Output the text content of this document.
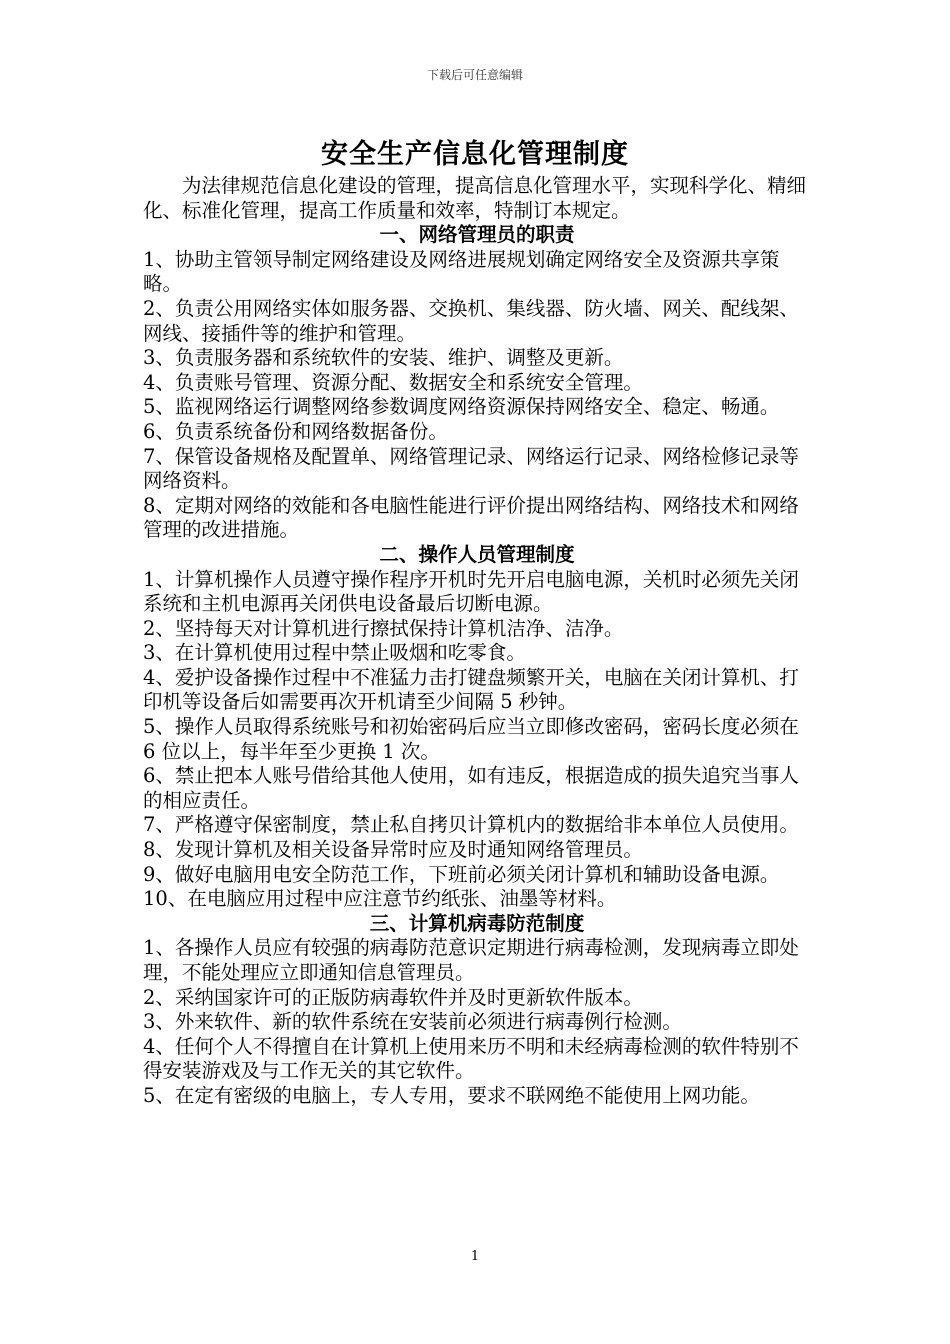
下载后可任意编辑
安全生产信息化管理制度
为法律规范信息化建设的管理，提高信息化管理水平，实现科学化、精细化、标准化管理，提高工作质量和效率，特制订本规定。
一、网络管理员的职责
1、协助主管领导制定网络建设及网络进展规划确定网络安全及资源共享策略。
2、负责公用网络实体如服务器、交换机、集线器、防火墙、网关、配线架、网线、接插件等的维护和管理。
3、负责服务器和系统软件的安装、维护、调整及更新。
4、负责账号管理、资源分配、数据安全和系统安全管理。
5、监视网络运行调整网络参数调度网络资源保持网络安全、稳定、畅通。
6、负责系统备份和网络数据备份。
7、保管设备规格及配置单、网络管理记录、网络运行记录、网络检修记录等网络资料。
8、定期对网络的效能和各电脑性能进行评价提出网络结构、网络技术和网络管理的改进措施。
二、操作人员管理制度
1、计算机操作人员遵守操作程序开机时先开启电脑电源，关机时必须先关闭系统和主机电源再关闭供电设备最后切断电源。
2、坚持每天对计算机进行擦拭保持计算机洁净、洁净。
3、在计算机使用过程中禁止吸烟和吃零食。
4、爱护设备操作过程中不准猛力击打键盘频繁开关，电脑在关闭计算机、打印机等设备后如需要再次开机请至少间隔 5 秒钟。
5、操作人员取得系统账号和初始密码后应当立即修改密码，密码长度必须在 6 位以上，每半年至少更换 1 次。
6、禁止把本人账号借给其他人使用，如有违反，根据造成的损失追究当事人的相应责任。
7、严格遵守保密制度，禁止私自拷贝计算机内的数据给非本单位人员使用。
8、发现计算机及相关设备异常时应及时通知网络管理员。
9、做好电脑用电安全防范工作，下班前必须关闭计算机和辅助设备电源。
10、在电脑应用过程中应注意节约纸张、油墨等材料。
三、计算机病毒防范制度
1、各操作人员应有较强的病毒防范意识定期进行病毒检测，发现病毒立即处理，不能处理应立即通知信息管理员。
2、采纳国家许可的正版防病毒软件并及时更新软件版本。
3、外来软件、新的软件系统在安装前必须进行病毒例行检测。
4、任何个人不得擅自在计算机上使用来历不明和未经病毒检测的软件特别不得安装游戏及与工作无关的其它软件。
5、在定有密级的电脑上，专人专用，要求不联网绝不能使用上网功能。
1
